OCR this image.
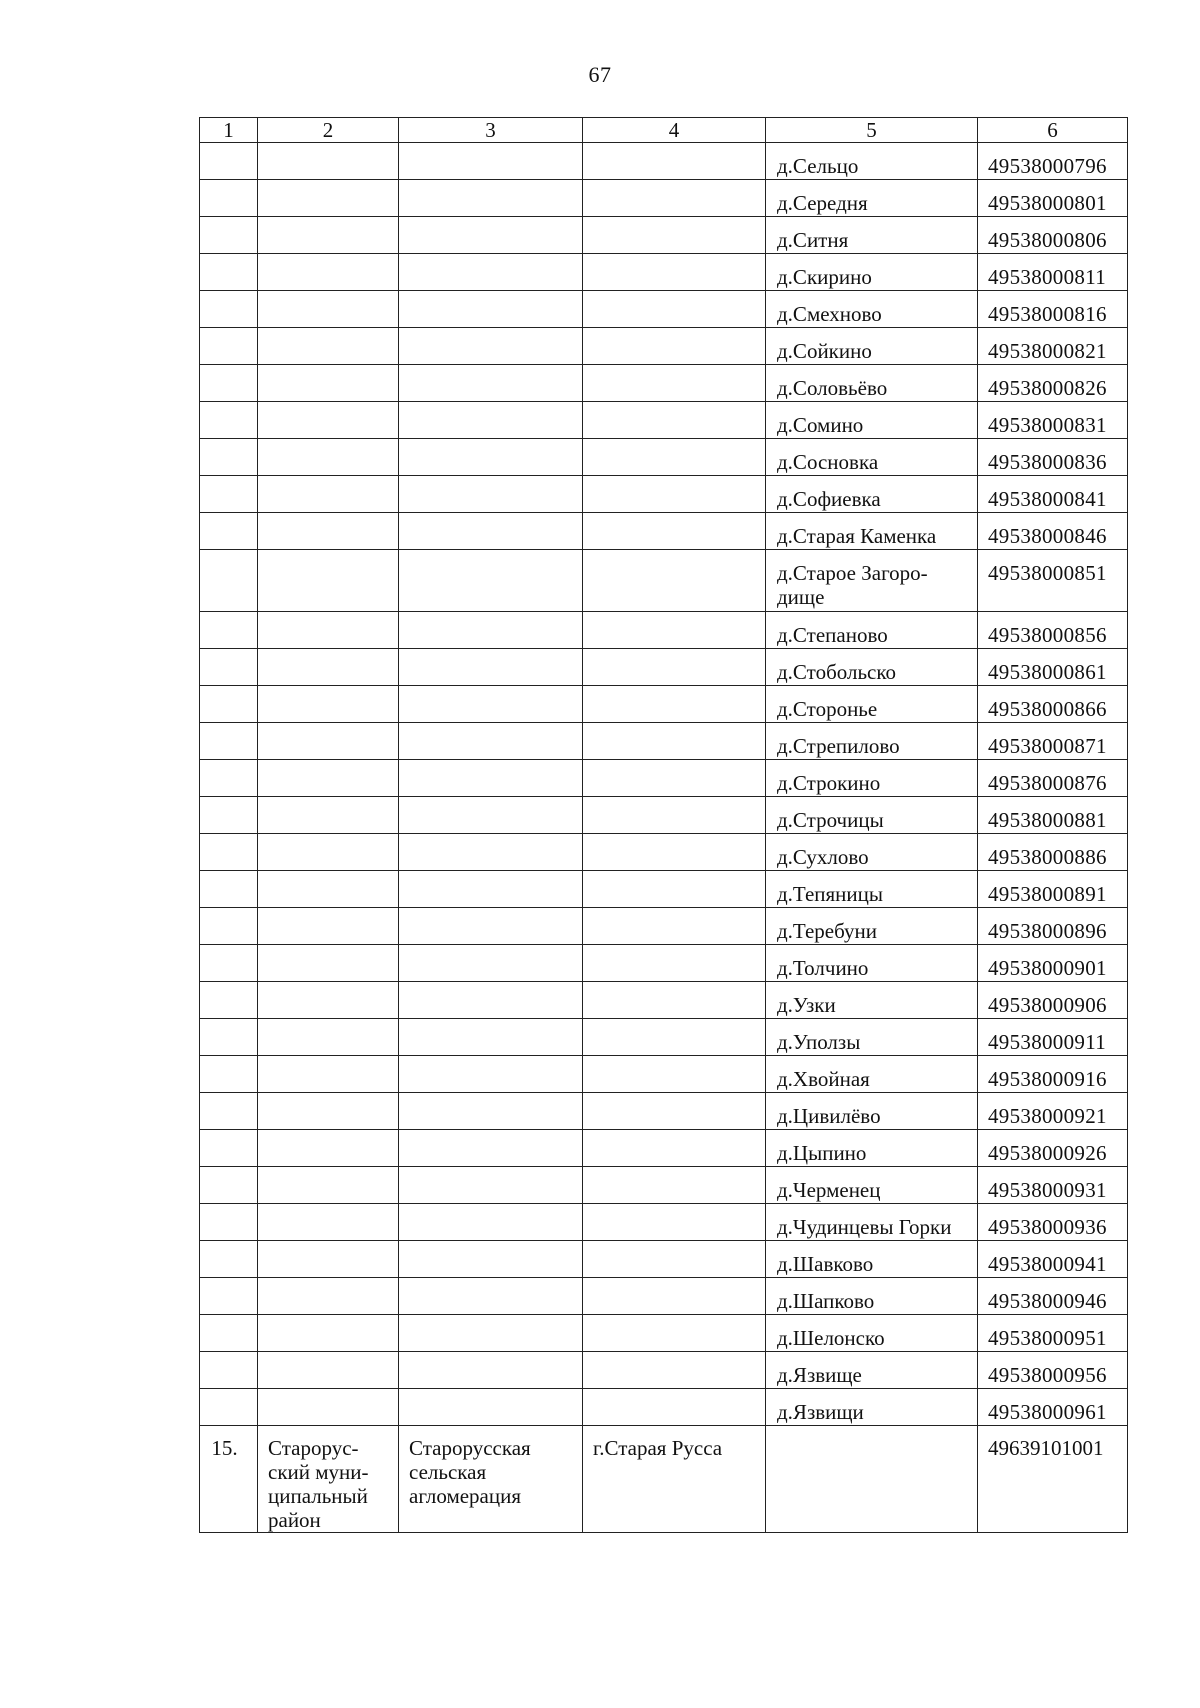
67
1	2	3	4	5	6
				д.Сельцо	49538000796
				д.Середня	49538000801
				д.Ситня	49538000806
				д.Скирино	49538000811
				д.Смехново	49538000816
				д.Сойкино	49538000821
				д.Соловьёво	49538000826
				д.Сомино	49538000831
				д.Сосновка	49538000836
				д.Софиевка	49538000841
				д.Старая Каменка	49538000846
				д.Старое Загоро-дище	49538000851
				д.Степаново	49538000856
				д.Стобольско	49538000861
				д.Сторонье	49538000866
				д.Стрепилово	49538000871
				д.Строкино	49538000876
				д.Строчицы	49538000881
				д.Сухлово	49538000886
				д.Тепяницы	49538000891
				д.Теребуни	49538000896
				д.Толчино	49538000901
				д.Узки	49538000906
				д.Уползы	49538000911
				д.Хвойная	49538000916
				д.Цивилёво	49538000921
				д.Цыпино	49538000926
				д.Черменец	49538000931
				д.Чудинцевы Горки	49538000936
				д.Шавково	49538000941
				д.Шапково	49538000946
				д.Шелонско	49538000951
				д.Язвище	49538000956
				д.Язвищи	49538000961
15.	Старорус-ский муни-ципальный район	Старорусская сельская агломерация	г.Старая Русса		49639101001
